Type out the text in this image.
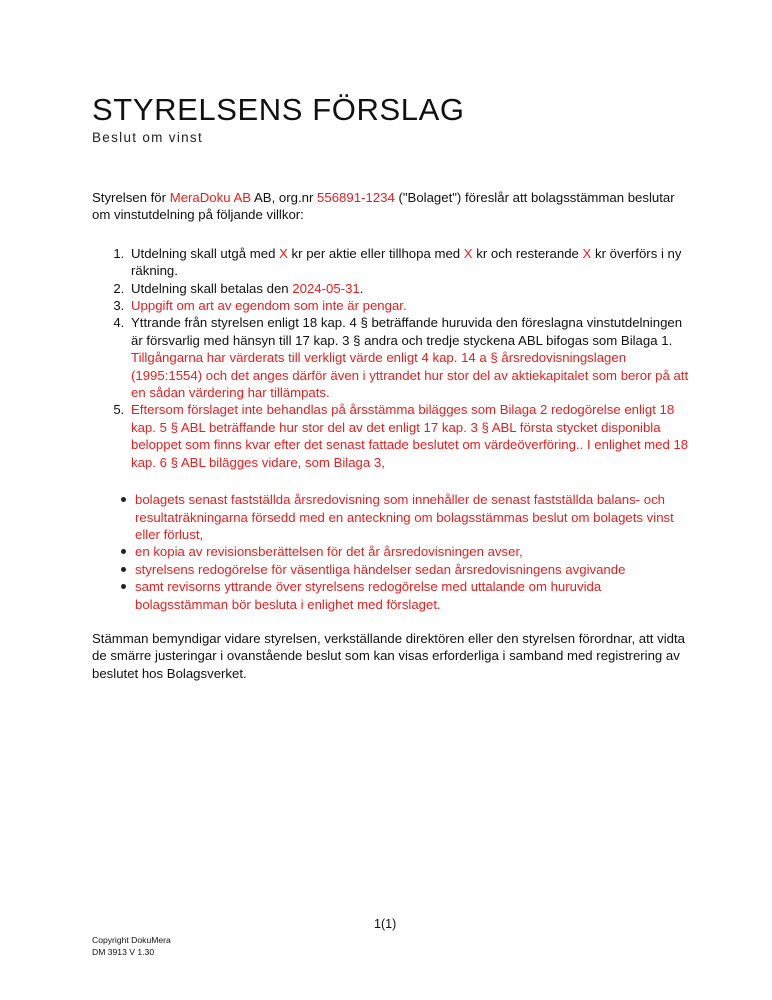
STYRELSENS FÖRSLAG
Beslut om vinst

Styrelsen för MeraDoku AB AB, org.nr 556891-1234 ("Bolaget") föreslår att bolagsstämman beslutar om vinstutdelning på följande villkor:

1. Utdelning skall utgå med X kr per aktie eller tillhopa med X kr och resterande X kr överförs i ny räkning.
2. Utdelning skall betalas den 2024-05-31.
3. Uppgift om art av egendom som inte är pengar.
4. Yttrande från styrelsen enligt 18 kap. 4 § beträffande huruvida den föreslagna vinstutdelningen är försvarlig med hänsyn till 17 kap. 3 § andra och tredje styckena ABL bifogas som Bilaga 1. Tillgångarna har värderats till verkligt värde enligt 4 kap. 14 a § årsredovisningslagen (1995:1554) och det anges därför även i yttrandet hur stor del av aktiekapitalet som beror på att en sådan värdering har tillämpats.
5. Eftersom förslaget inte behandlas på årsstämma bilägges som Bilaga 2 redogörelse enligt 18 kap. 5 § ABL beträffande hur stor del av det enligt 17 kap. 3 § ABL första stycket disponibla beloppet som finns kvar efter det senast fattade beslutet om värdeöverföring.. I enlighet med 18 kap. 6 § ABL bilägges vidare, som Bilaga 3,
bolagets senast fastställda årsredovisning som innehåller de senast fastställda balans- och resultaträkningarna försedd med en anteckning om bolagsstämmas beslut om bolagets vinst eller förlust,
en kopia av revisionsberättelsen för det år årsredovisningen avser,
styrelsens redogörelse för väsentliga händelser sedan årsredovisningens avgivande
samt revisorns yttrande över styrelsens redogörelse med uttalande om huruvida bolagsstämman bör besluta i enlighet med förslaget.

Stämman bemyndigar vidare styrelsen, verkställande direktören eller den styrelsen förordnar, att vidta de smärre justeringar i ovanstående beslut som kan visas erforderliga i samband med registrering av beslutet hos Bolagsverket.

1(1)
Copyright DokuMera
DM 3913 V 1.30
